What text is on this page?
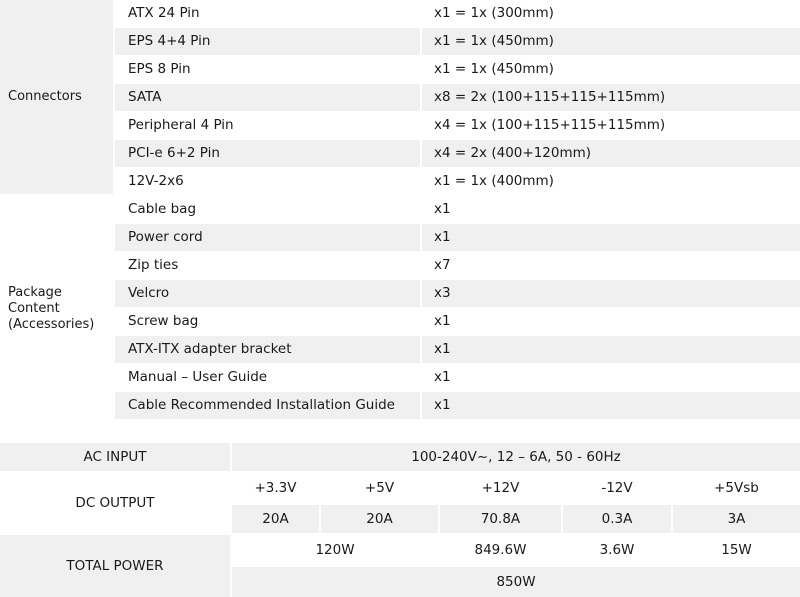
Connectors
ATX 24 Pin	x1 = 1x (300mm)
EPS 4+4 Pin	x1 = 1x (450mm)
EPS 8 Pin	x1 = 1x (450mm)
SATA	x8 = 2x (100+115+115+115mm)
Peripheral 4 Pin	x4 = 1x (100+115+115+115mm)
PCI-e 6+2 Pin	x4 = 2x (400+120mm)
12V-2x6	x1 = 1x (400mm)
Package
Content
(Accessories)
Cable bag	x1
Power cord	x1
Zip ties	x7
Velcro	x3
Screw bag	x1
ATX-ITX adapter bracket	x1
Manual – User Guide	x1
Cable Recommended Installation Guide	x1
AC INPUT	100-240V~, 12 – 6A, 50 - 60Hz
DC OUTPUT
+3.3V	+5V	+12V	-12V	+5Vsb
20A	20A	70.8A	0.3A	3A
TOTAL POWER
120W	849.6W	3.6W	15W
850W
